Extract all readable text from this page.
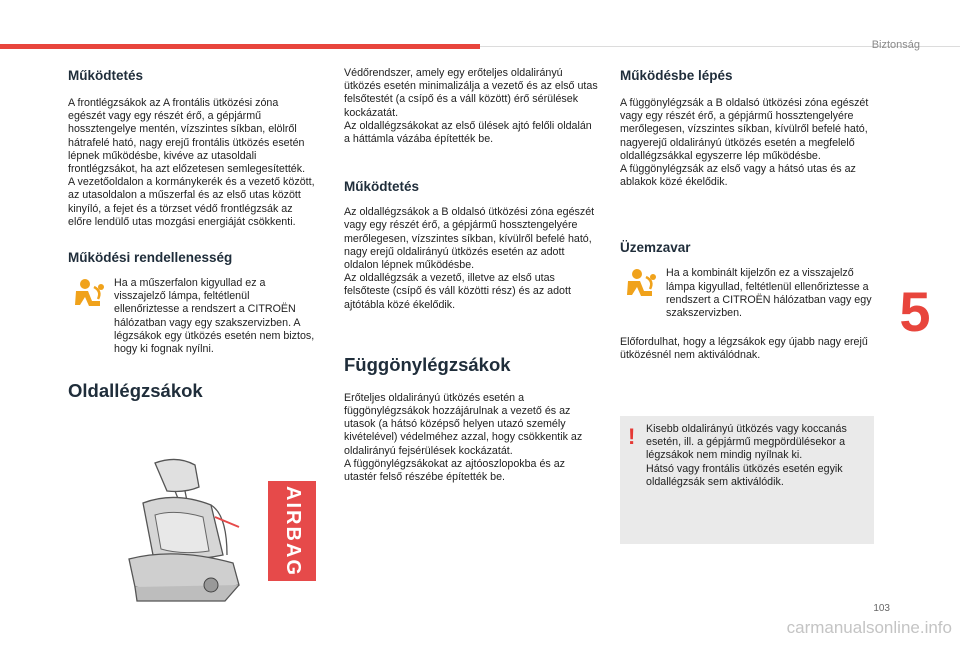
Biztonság
Működtetés

A frontlégzsákok az A frontális ütközési zóna egészét vagy egy részét érő, a gépjármű hossztengelye mentén, vízszintes síkban, elölről hátrafelé ható, nagy erejű frontális ütközés esetén lépnek működésbe, kivéve az utasoldali frontlégzsákot, ha azt előzetesen semlegesítették.
A vezetőoldalon a kormánykerék és a vezető között, az utasoldalon a műszerfal és az első utas között kinyíló, a fejet és a törzset védő frontlégzsák az előre lendülő utas mozgási energiáját csökkenti.

Működési rendellenesség

Ha a műszerfalon kigyullad ez a visszajelző lámpa, feltétlenül ellenőriztesse a rendszert a CITROËN hálózatban vagy egy szakszervizben. A légzsákok egy ütközés esetén nem biztos, hogy ki fognak nyílni.

Oldallégzsákok
AIRBAG

Védőrendszer, amely egy erőteljes oldalirányú ütközés esetén minimalizálja a vezető és az első utas felsőtestét (a csípő és a váll között) érő sérülések kockázatát.
Az oldallégzsákokat az első ülések ajtó felőli oldalán a háttámla vázába építették be.

Működtetés

Az oldallégzsákok a B oldalsó ütközési zóna egészét vagy egy részét érő, a gépjármű hossztengelyére merőlegesen, vízszintes síkban, kívülről befelé ható, nagy erejű oldalirányú ütközés esetén az adott oldalon lépnek működésbe.
Az oldallégzsák a vezető, illetve az első utas felsőteste (csípő és váll közötti rész) és az adott ajtótábla közé ékelődik.

Függönylégzsákok

Erőteljes oldalirányú ütközés esetén a függönylégzsákok hozzájárulnak a vezető és az utasok (a hátsó középső helyen utazó személy kivételével) védelméhez azzal, hogy csökkentik az oldalirányú fejsérülések kockázatát.
A függönylégzsákokat az ajtóoszlopokba és az utastér felső részébe építették be.

Működésbe lépés

A függönylégzsák a B oldalsó ütközési zóna egészét vagy egy részét érő, a gépjármű hossztengelyére merőlegesen, vízszintes síkban, kívülről befelé ható, nagyerejű oldalirányú ütközés esetén a megfelelő oldallégzsákkal egyszerre lép működésbe.
A függönylégzsák az első vagy a hátsó utas és az ablakok közé ékelődik.

Üzemzavar

Ha a kombinált kijelzőn ez a visszajelző lámpa kigyullad, feltétlenül ellenőriztesse a rendszert a CITROËN hálózatban vagy egy szakszervizben.

Előfordulhat, hogy a légzsákok egy újabb nagy erejű ütközésnél nem aktiválódnak.

! Kisebb oldalirányú ütközés vagy koccanás esetén, ill. a gépjármű megpördülésekor a légzsákok nem mindig nyílnak ki.
Hátsó vagy frontális ütközés esetén egyik oldallégzsák sem aktiválódik.

5
103
carmanualsonline.info
